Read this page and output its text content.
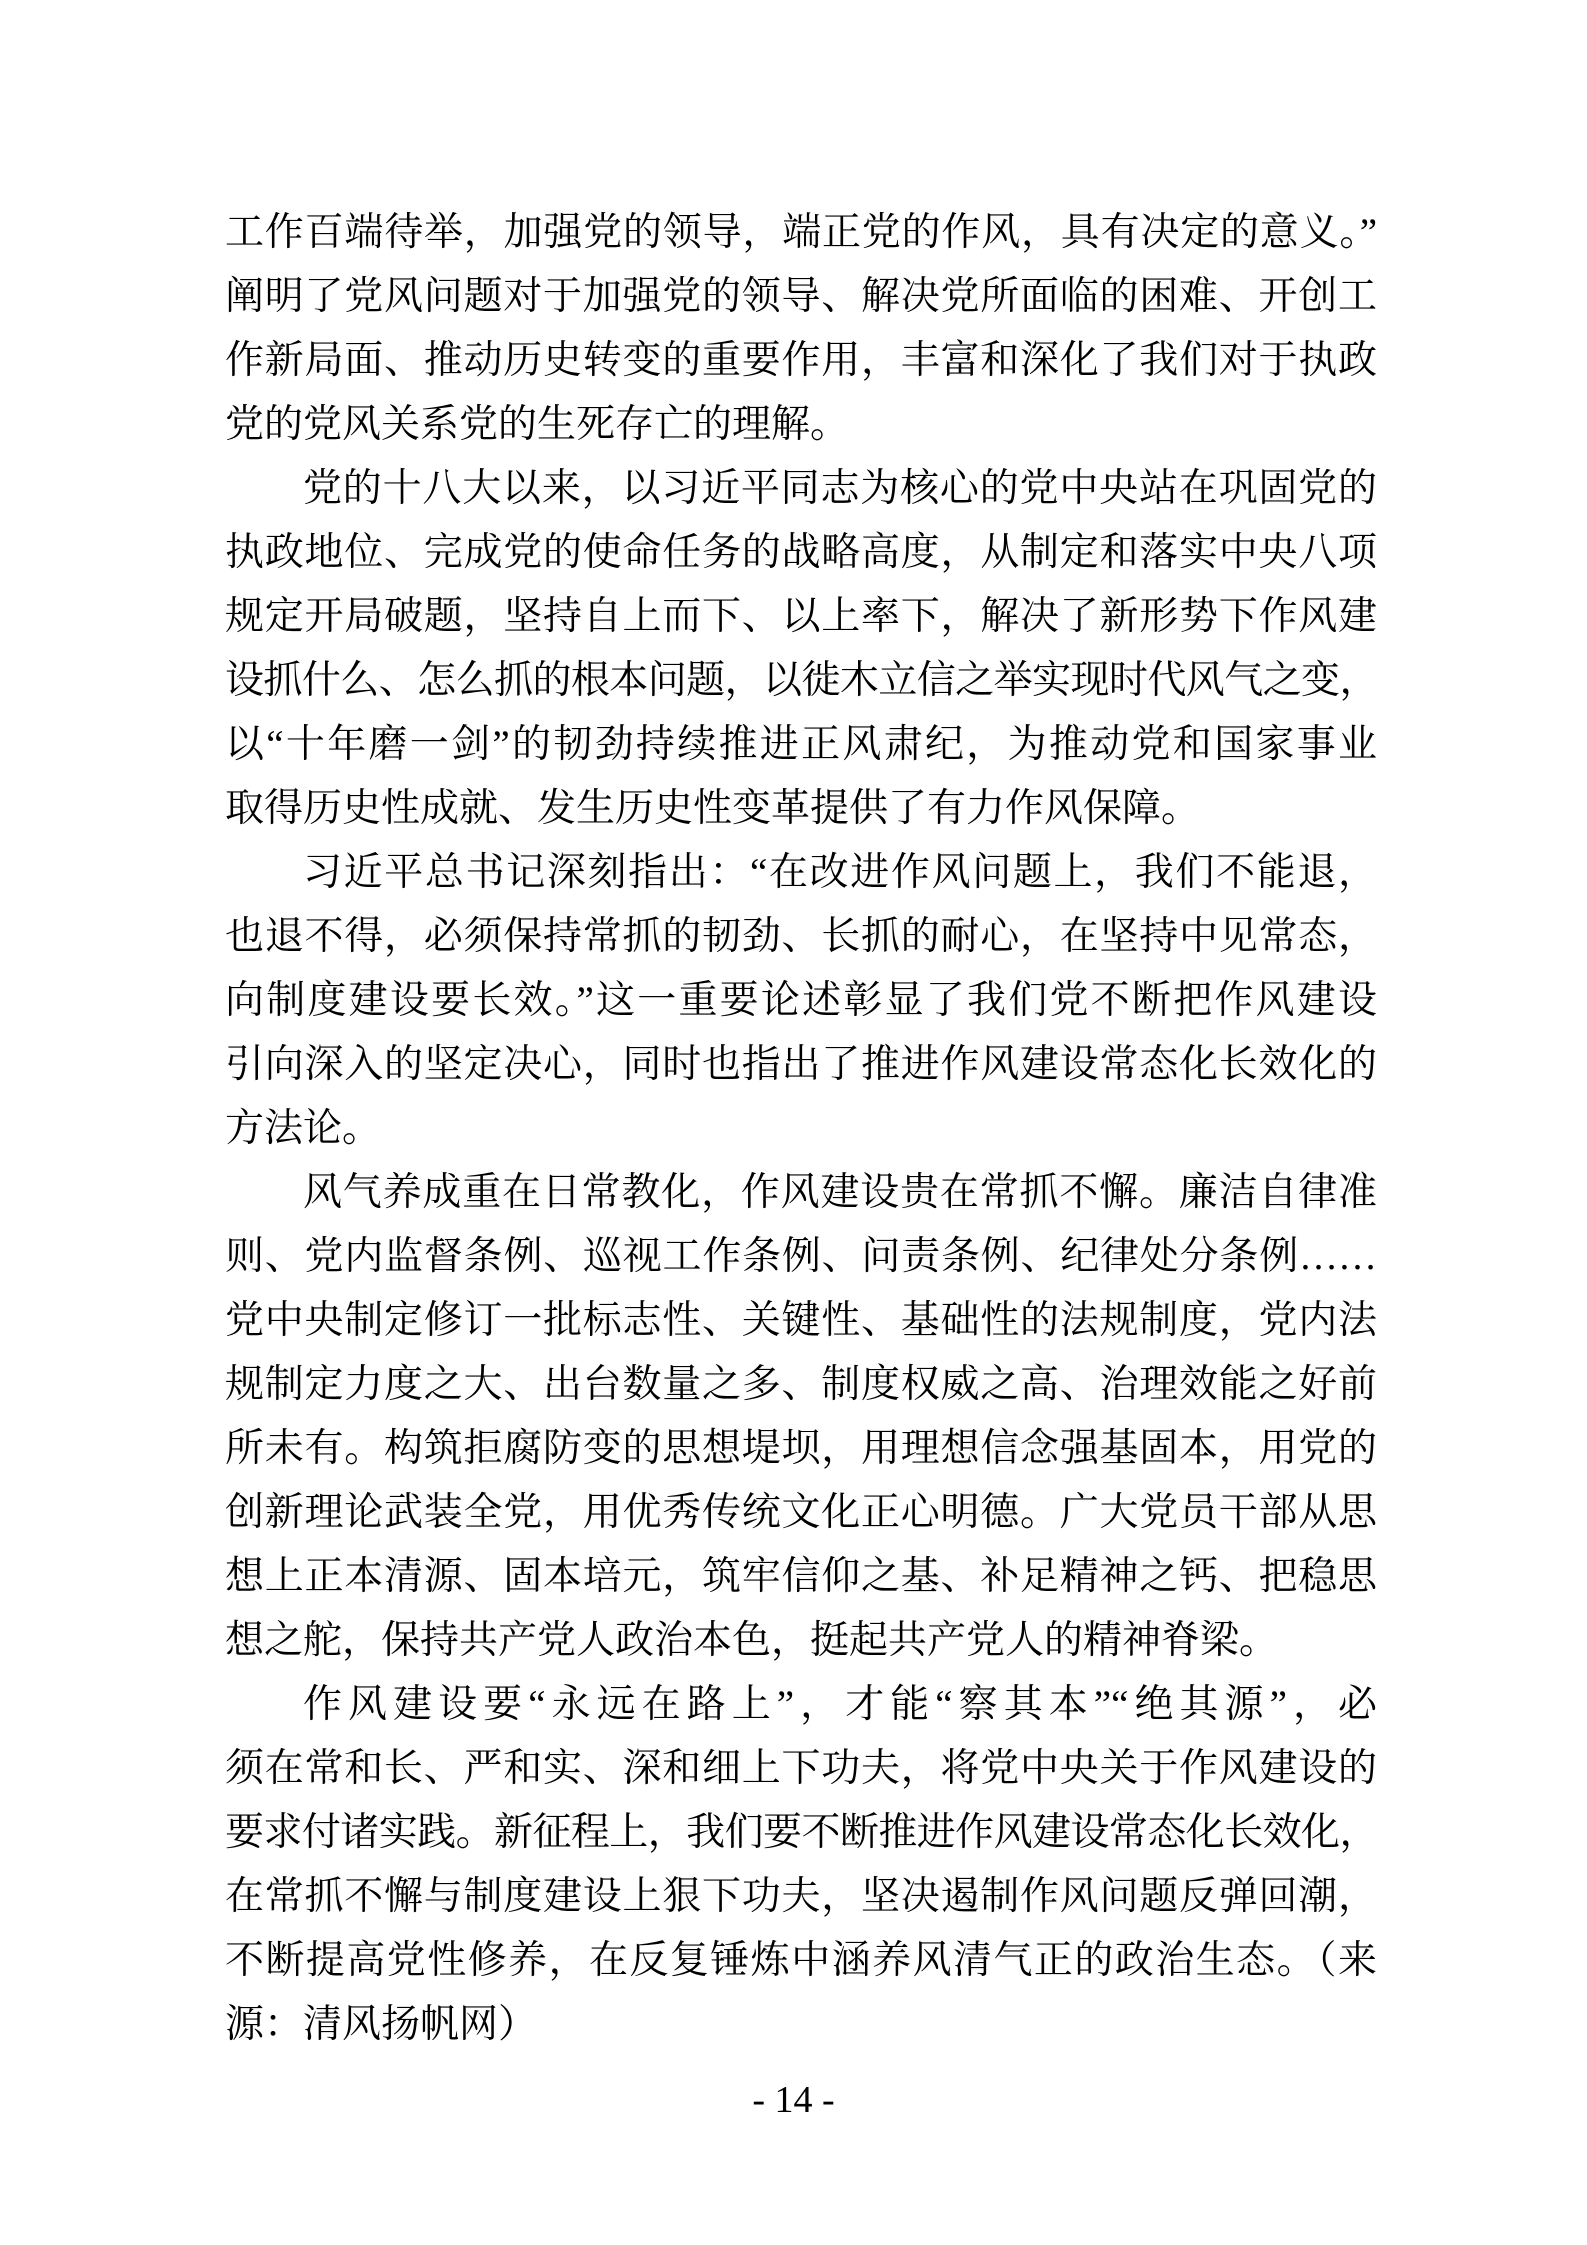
工作百端待举，加强党的领导，端正党的作风，具有决定的意义。”
阐明了党风问题对于加强党的领导、解决党所面临的困难、开创工
作新局面、推动历史转变的重要作用，丰富和深化了我们对于执政
党的党风关系党的生死存亡的理解。
党的十八大以来，以习近平同志为核心的党中央站在巩固党的
执政地位、完成党的使命任务的战略高度，从制定和落实中央八项
规定开局破题，坚持自上而下、以上率下，解决了新形势下作风建
设抓什么、怎么抓的根本问题，以徙木立信之举实现时代风气之变，
以“十年磨一剑”的韧劲持续推进正风肃纪，为推动党和国家事业
取得历史性成就、发生历史性变革提供了有力作风保障。
习近平总书记深刻指出：“在改进作风问题上，我们不能退，
也退不得，必须保持常抓的韧劲、长抓的耐心，在坚持中见常态，
向制度建设要长效。”这一重要论述彰显了我们党不断把作风建设
引向深入的坚定决心，同时也指出了推进作风建设常态化长效化的
方法论。
风气养成重在日常教化，作风建设贵在常抓不懈。廉洁自律准
则、党内监督条例、巡视工作条例、问责条例、纪律处分条例……
党中央制定修订一批标志性、关键性、基础性的法规制度，党内法
规制定力度之大、出台数量之多、制度权威之高、治理效能之好前
所未有。构筑拒腐防变的思想堤坝，用理想信念强基固本，用党的
创新理论武装全党，用优秀传统文化正心明德。广大党员干部从思
想上正本清源、固本培元，筑牢信仰之基、补足精神之钙、把稳思
想之舵，保持共产党人政治本色，挺起共产党人的精神脊梁。
作风建设要“永远在路上”，才能“察其本”“绝其源”，必
须在常和长、严和实、深和细上下功夫，将党中央关于作风建设的
要求付诸实践。新征程上，我们要不断推进作风建设常态化长效化，
在常抓不懈与制度建设上狠下功夫，坚决遏制作风问题反弹回潮，
不断提高党性修养，在反复锤炼中涵养风清气正的政治生态。（来
源：清风扬帆网）
- 14 -
